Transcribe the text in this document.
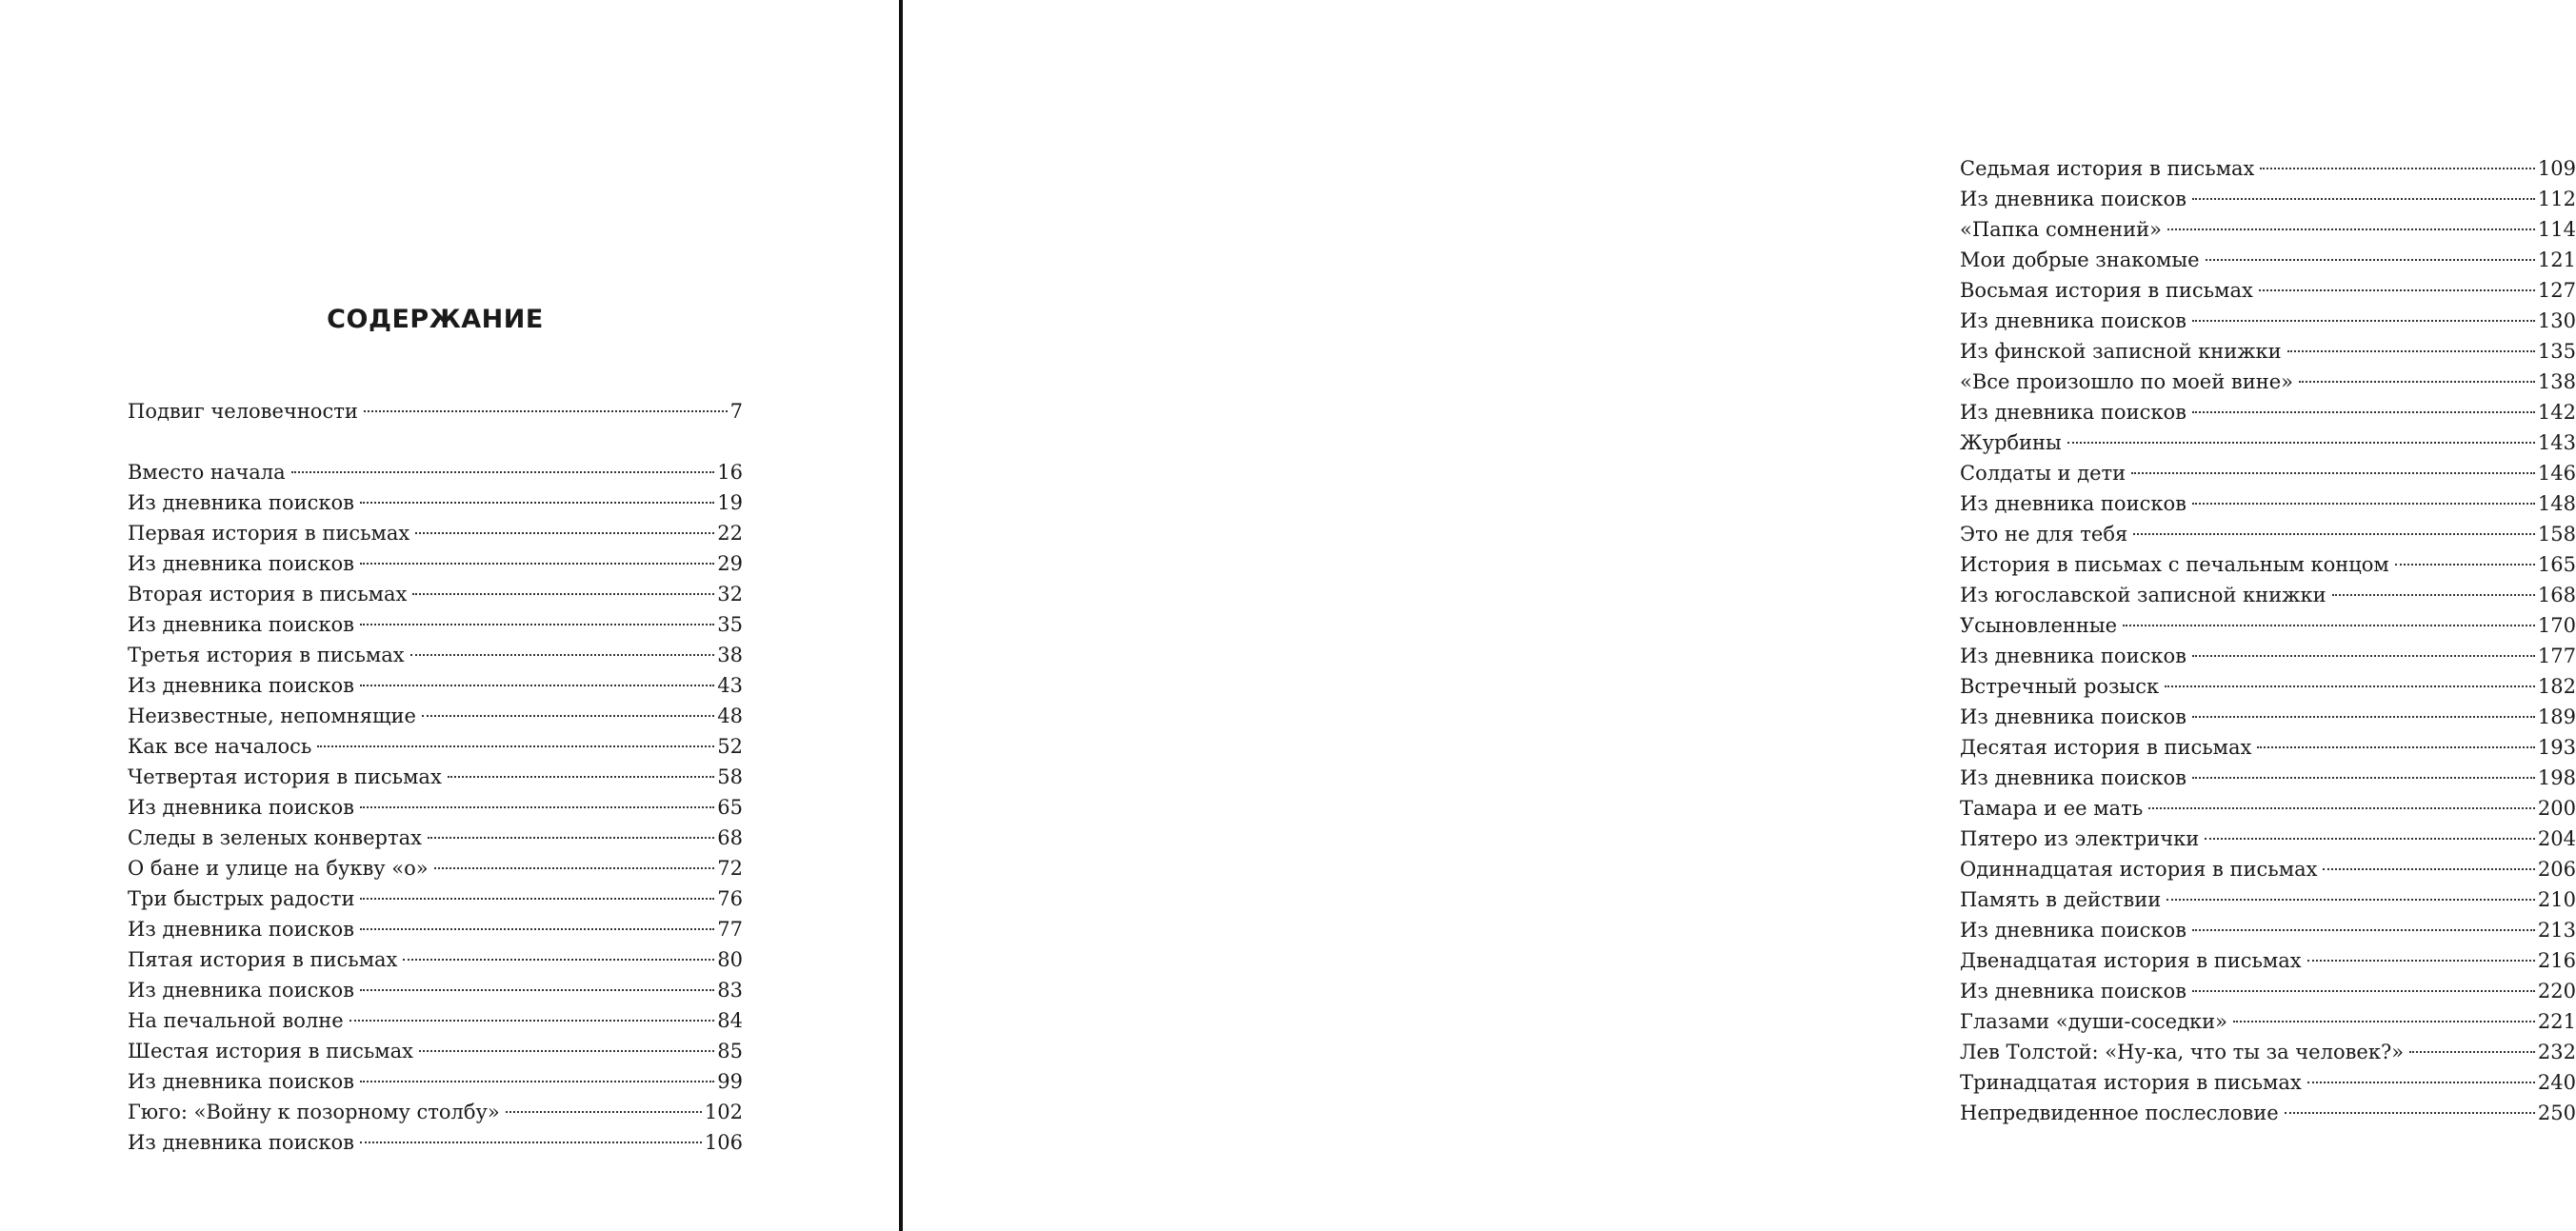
СОДЕРЖАНИЕ
Подвиг человечности	7
Вместо начала	16
Из дневника поисков	19
Первая история в письмах	22
Из дневника поисков	29
Вторая история в письмах	32
Из дневника поисков	35
Третья история в письмах	38
Из дневника поисков	43
Неизвестные, непомнящие	48
Как все началось	52
Четвертая история в письмах	58
Из дневника поисков	65
Следы в зеленых конвертах	68
О бане и улице на букву «о»	72
Три быстрых радости	76
Из дневника поисков	77
Пятая история в письмах	80
Из дневника поисков	83
На печальной волне	84
Шестая история в письмах	85
Из дневника поисков	99
Гюго: «Войну к позорному столбу»	102
Из дневника поисков	106
Седьмая история в письмах	109
Из дневника поисков	112
«Папка сомнений»	114
Мои добрые знакомые	121
Восьмая история в письмах	127
Из дневника поисков	130
Из финской записной книжки	135
«Все произошло по моей вине»	138
Из дневника поисков	142
Журбины	143
Солдаты и дети	146
Из дневника поисков	148
Это не для тебя	158
История в письмах с печальным концом	165
Из югославской записной книжки	168
Усыновленные	170
Из дневника поисков	177
Встречный розыск	182
Из дневника поисков	189
Десятая история в письмах	193
Из дневника поисков	198
Тамара и ее мать	200
Пятеро из электрички	204
Одиннадцатая история в письмах	206
Память в действии	210
Из дневника поисков	213
Двенадцатая история в письмах	216
Из дневника поисков	220
Глазами «души-соседки»	221
Лев Толстой: «Ну-ка, что ты за человек?»	232
Тринадцатая история в письмах	240
Непредвиденное послесловие	250
